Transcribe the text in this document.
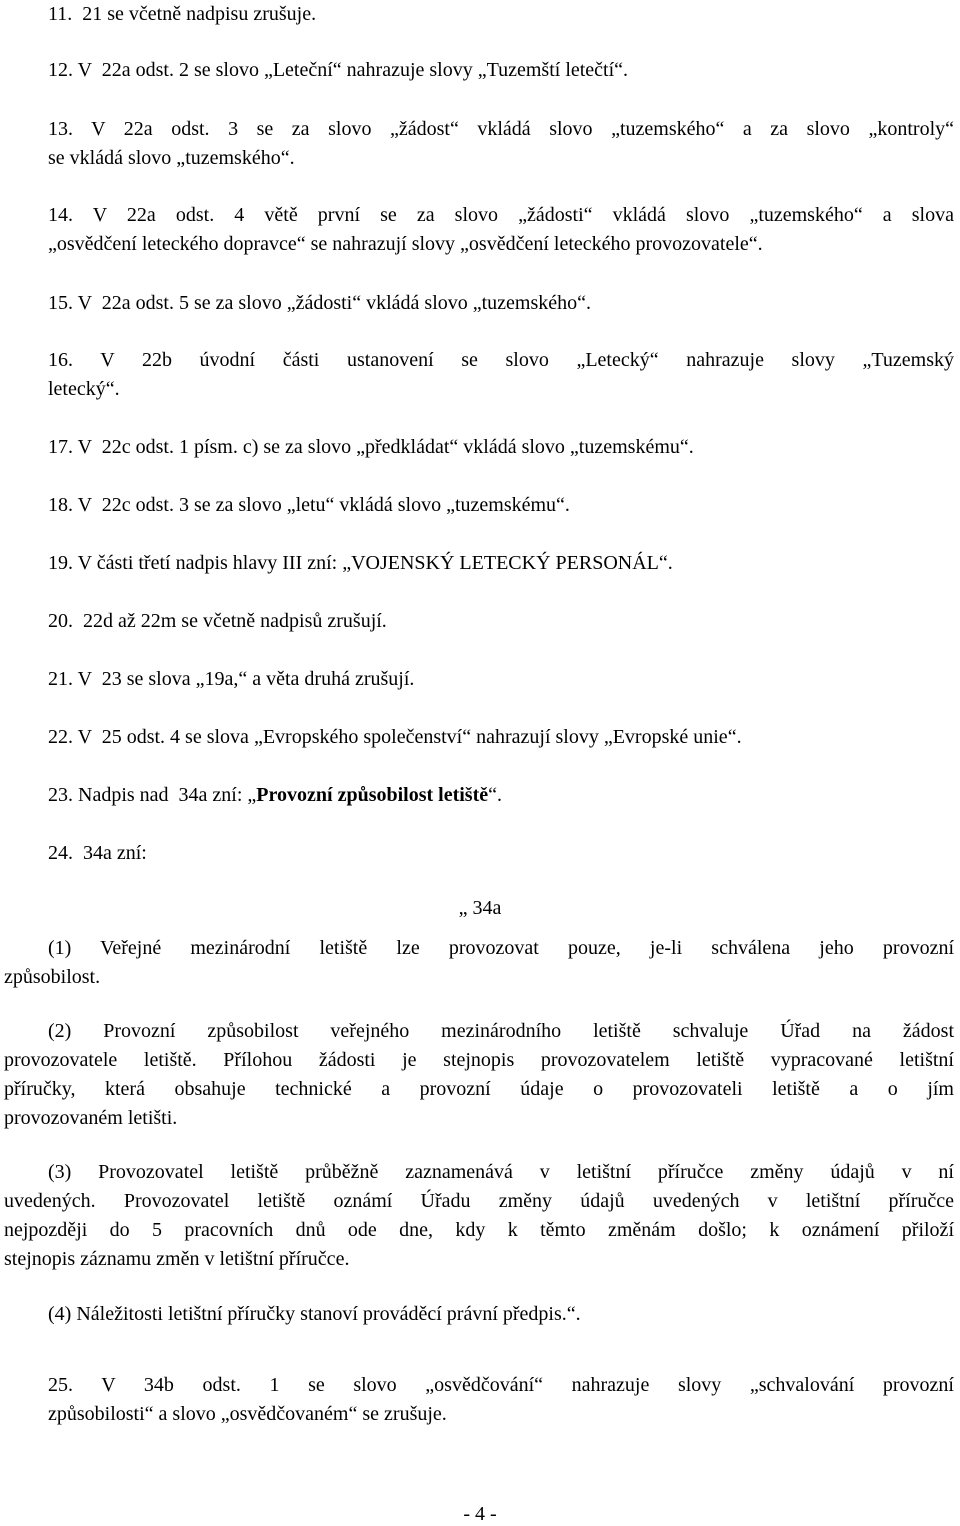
11.  21 se včetně nadpisu zrušuje.
12. V  22a odst. 2 se slovo „Leteční“ nahrazuje slovy „Tuzemští letečtí“.
13. V 22a odst. 3 se za slovo „žádost“ vkládá slovo „tuzemského“ a za slovo „kontroly“
se vkládá slovo „tuzemského“.
14. V 22a odst. 4 větě první se za slovo „žádosti“ vkládá slovo „tuzemského“ a slova
„osvědčení leteckého dopravce“ se nahrazují slovy „osvědčení leteckého provozovatele“.
15. V  22a odst. 5 se za slovo „žádosti“ vkládá slovo „tuzemského“.
16. V 22b úvodní části ustanovení se slovo „Letecký“ nahrazuje slovy „Tuzemský
letecký“.
17. V  22c odst. 1 písm. c) se za slovo „předkládat“ vkládá slovo „tuzemskému“.
18. V  22c odst. 3 se za slovo „letu“ vkládá slovo „tuzemskému“.
19. V části třetí nadpis hlavy III zní: „VOJENSKÝ LETECKÝ PERSONÁL“.
20.  22d až 22m se včetně nadpisů zrušují.
21. V  23 se slova „19a,“ a věta druhá zrušují.
22. V  25 odst. 4 se slova „Evropského společenství“ nahrazují slovy „Evropské unie“.
23. Nadpis nad  34a zní: „Provozní způsobilost letiště“.
24.  34a zní:
„ 34a
(1) Veřejné mezinárodní letiště lze provozovat pouze, je-li schválena jeho provozní
způsobilost.
(2) Provozní způsobilost veřejného mezinárodního letiště schvaluje Úřad na žádost
provozovatele letiště. Přílohou žádosti je stejnopis provozovatelem letiště vypracované letištní
příručky, která obsahuje technické a provozní údaje o provozovateli letiště a o jím
provozovaném letišti.
(3) Provozovatel letiště průběžně zaznamenává v letištní příručce změny údajů v ní
uvedených. Provozovatel letiště oznámí Úřadu změny údajů uvedených v letištní příručce
nejpozději do 5 pracovních dnů ode dne, kdy k těmto změnám došlo; k oznámení přiloží
stejnopis záznamu změn v letištní příručce.
(4) Náležitosti letištní příručky stanoví prováděcí právní předpis.“.
25. V 34b odst. 1 se slovo „osvědčování“ nahrazuje slovy „schvalování provozní
způsobilosti“ a slovo „osvědčovaném“ se zrušuje.
- 4 -
